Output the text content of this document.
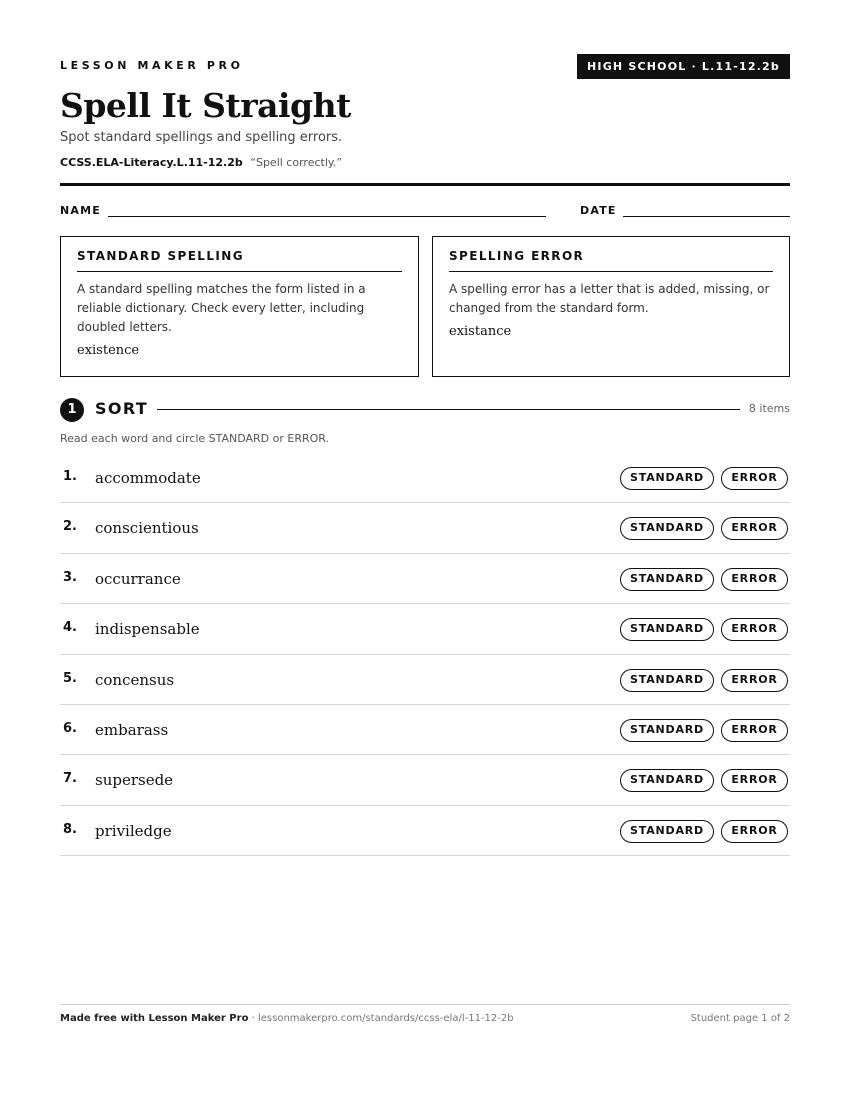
LESSON MAKER PRO	HIGH SCHOOL · L.11-12.2b
Spell It Straight
Spot standard spellings and spelling errors.
CCSS.ELA-Literacy.L.11-12.2b “Spell correctly.”
NAME	DATE
STANDARD SPELLING
A standard spelling matches the form listed in a reliable dictionary. Check every letter, including doubled letters.
existence
SPELLING ERROR
A spelling error has a letter that is added, missing, or changed from the standard form.
existance
1	SORT	8 items
Read each word and circle STANDARD or ERROR.
1. accommodate	STANDARD	ERROR
2. conscientious	STANDARD	ERROR
3. occurrance	STANDARD	ERROR
4. indispensable	STANDARD	ERROR
5. concensus	STANDARD	ERROR
6. embarass	STANDARD	ERROR
7. supersede	STANDARD	ERROR
8. priviledge	STANDARD	ERROR
Made free with Lesson Maker Pro · lessonmakerpro.com/standards/ccss-ela/l-11-12-2b	Student page 1 of 2
